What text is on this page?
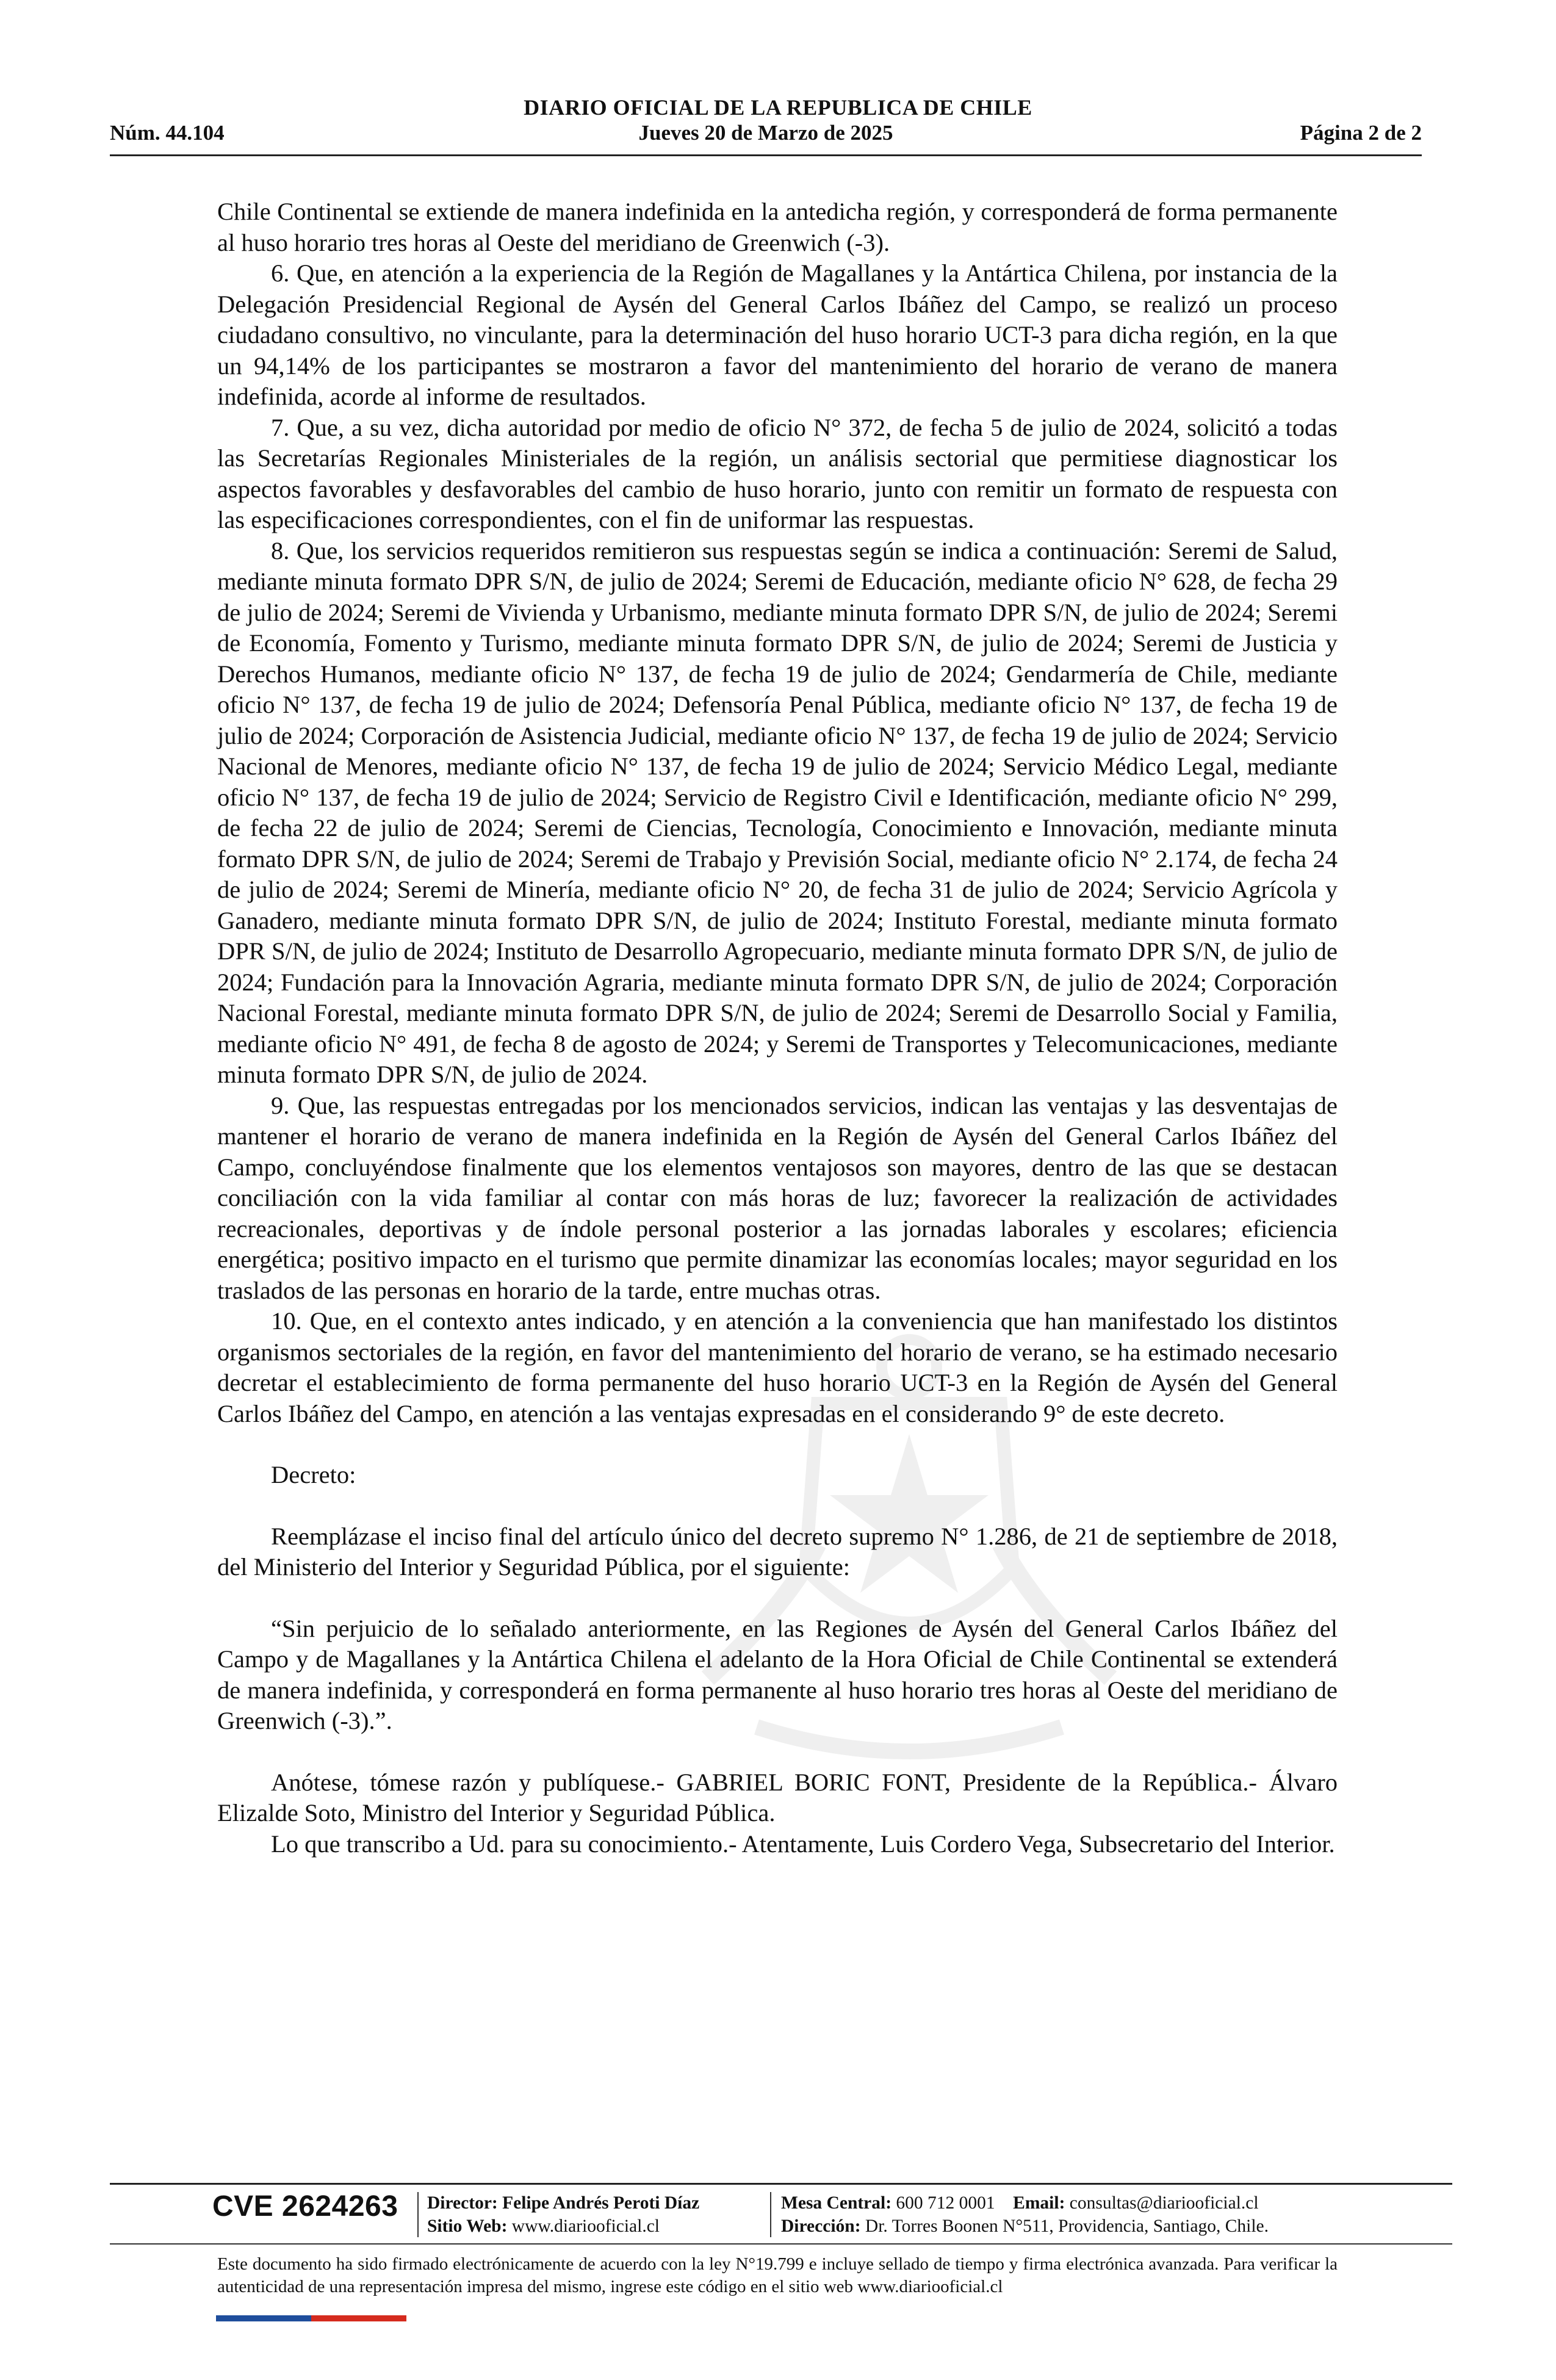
DIARIO OFICIAL DE LA REPUBLICA DE CHILE
Núm. 44.104	Jueves 20 de Marzo de 2025	Página 2 de 2

Chile Continental se extiende de manera indefinida en la antedicha región, y corresponderá de forma permanente al huso horario tres horas al Oeste del meridiano de Greenwich (-3).

6. Que, en atención a la experiencia de la Región de Magallanes y la Antártica Chilena, por instancia de la Delegación Presidencial Regional de Aysén del General Carlos Ibáñez del Campo, se realizó un proceso ciudadano consultivo, no vinculante, para la determinación del huso horario UCT-3 para dicha región, en la que un 94,14% de los participantes se mostraron a favor del mantenimiento del horario de verano de manera indefinida, acorde al informe de resultados.

7. Que, a su vez, dicha autoridad por medio de oficio N° 372, de fecha 5 de julio de 2024, solicitó a todas las Secretarías Regionales Ministeriales de la región, un análisis sectorial que permitiese diagnosticar los aspectos favorables y desfavorables del cambio de huso horario, junto con remitir un formato de respuesta con las especificaciones correspondientes, con el fin de uniformar las respuestas.

8. Que, los servicios requeridos remitieron sus respuestas según se indica a continuación: Seremi de Salud, mediante minuta formato DPR S/N, de julio de 2024; Seremi de Educación, mediante oficio N° 628, de fecha 29 de julio de 2024; Seremi de Vivienda y Urbanismo, mediante minuta formato DPR S/N, de julio de 2024; Seremi de Economía, Fomento y Turismo, mediante minuta formato DPR S/N, de julio de 2024; Seremi de Justicia y Derechos Humanos, mediante oficio N° 137, de fecha 19 de julio de 2024; Gendarmería de Chile, mediante oficio N° 137, de fecha 19 de julio de 2024; Defensoría Penal Pública, mediante oficio N° 137, de fecha 19 de julio de 2024; Corporación de Asistencia Judicial, mediante oficio N° 137, de fecha 19 de julio de 2024; Servicio Nacional de Menores, mediante oficio N° 137, de fecha 19 de julio de 2024; Servicio Médico Legal, mediante oficio N° 137, de fecha 19 de julio de 2024; Servicio de Registro Civil e Identificación, mediante oficio N° 299, de fecha 22 de julio de 2024; Seremi de Ciencias, Tecnología, Conocimiento e Innovación, mediante minuta formato DPR S/N, de julio de 2024; Seremi de Trabajo y Previsión Social, mediante oficio N° 2.174, de fecha 24 de julio de 2024; Seremi de Minería, mediante oficio N° 20, de fecha 31 de julio de 2024; Servicio Agrícola y Ganadero, mediante minuta formato DPR S/N, de julio de 2024; Instituto Forestal, mediante minuta formato DPR S/N, de julio de 2024; Instituto de Desarrollo Agropecuario, mediante minuta formato DPR S/N, de julio de 2024; Fundación para la Innovación Agraria, mediante minuta formato DPR S/N, de julio de 2024; Corporación Nacional Forestal, mediante minuta formato DPR S/N, de julio de 2024; Seremi de Desarrollo Social y Familia, mediante oficio N° 491, de fecha 8 de agosto de 2024; y Seremi de Transportes y Telecomunicaciones, mediante minuta formato DPR S/N, de julio de 2024.

9. Que, las respuestas entregadas por los mencionados servicios, indican las ventajas y las desventajas de mantener el horario de verano de manera indefinida en la Región de Aysén del General Carlos Ibáñez del Campo, concluyéndose finalmente que los elementos ventajosos son mayores, dentro de las que se destacan conciliación con la vida familiar al contar con más horas de luz; favorecer la realización de actividades recreacionales, deportivas y de índole personal posterior a las jornadas laborales y escolares; eficiencia energética; positivo impacto en el turismo que permite dinamizar las economías locales; mayor seguridad en los traslados de las personas en horario de la tarde, entre muchas otras.

10. Que, en el contexto antes indicado, y en atención a la conveniencia que han manifestado los distintos organismos sectoriales de la región, en favor del mantenimiento del horario de verano, se ha estimado necesario decretar el establecimiento de forma permanente del huso horario UCT-3 en la Región de Aysén del General Carlos Ibáñez del Campo, en atención a las ventajas expresadas en el considerando 9° de este decreto.

Decreto:

Reemplázase el inciso final del artículo único del decreto supremo N° 1.286, de 21 de septiembre de 2018, del Ministerio del Interior y Seguridad Pública, por el siguiente:

“Sin perjuicio de lo señalado anteriormente, en las Regiones de Aysén del General Carlos Ibáñez del Campo y de Magallanes y la Antártica Chilena el adelanto de la Hora Oficial de Chile Continental se extenderá de manera indefinida, y corresponderá en forma permanente al huso horario tres horas al Oeste del meridiano de Greenwich (-3).”.

Anótese, tómese razón y publíquese.- GABRIEL BORIC FONT, Presidente de la República.- Álvaro Elizalde Soto, Ministro del Interior y Seguridad Pública.

Lo que transcribo a Ud. para su conocimiento.- Atentamente, Luis Cordero Vega, Subsecretario del Interior.

CVE 2624263 Director: Felipe Andrés Peroti Díaz
Sitio Web: www.diariooficial.cl
Mesa Central: 600 712 0001 Email: consultas@diariooficial.cl
Dirección: Dr. Torres Boonen N°511, Providencia, Santiago, Chile.
Este documento ha sido firmado electrónicamente de acuerdo con la ley N°19.799 e incluye sellado de tiempo y firma electrónica avanzada. Para verificar la autenticidad de una representación impresa del mismo, ingrese este código en el sitio web www.diariooficial.cl
